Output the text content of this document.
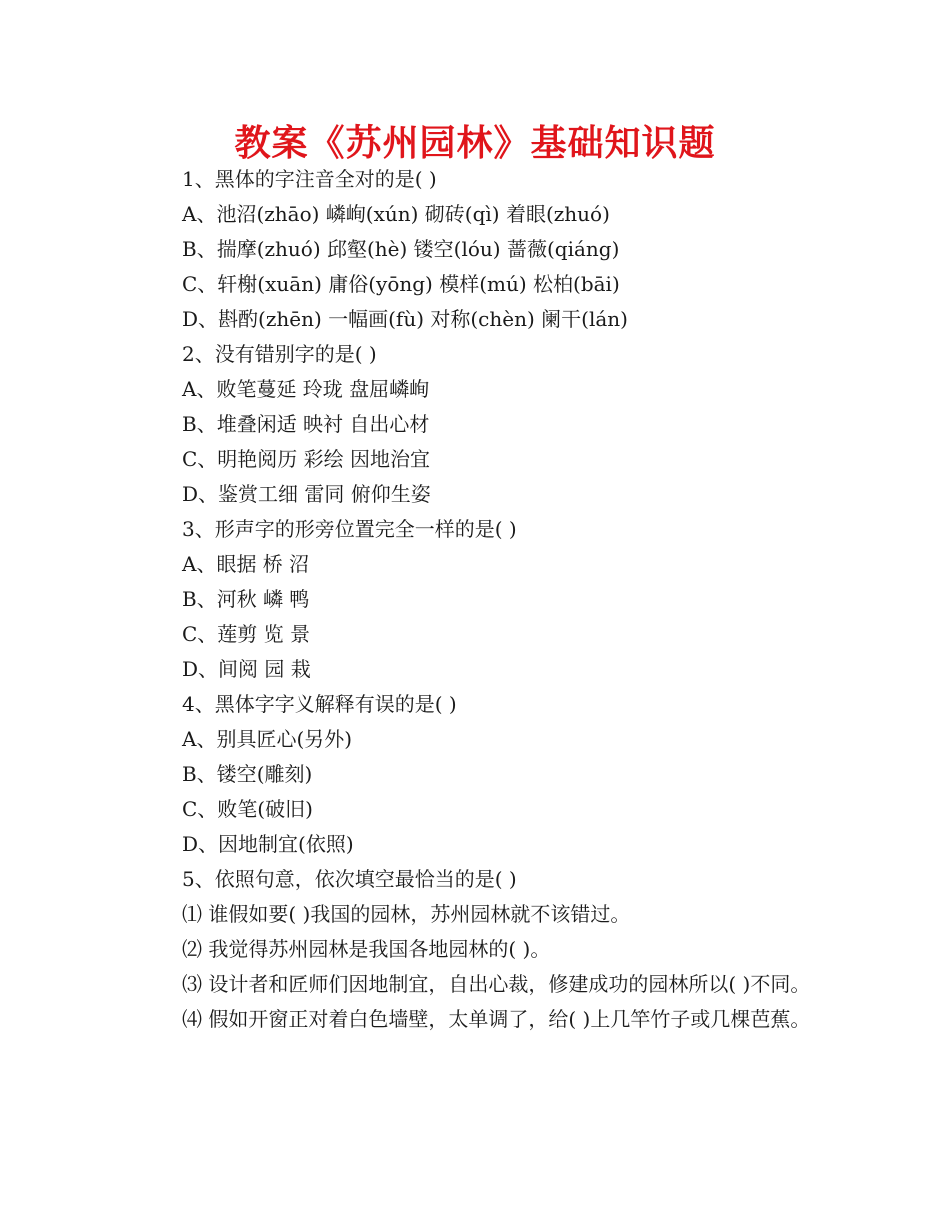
教案《苏州园林》基础知识题
1、黑体的字注音全对的是( )
A、池沼(zhāo) 嶙峋(xún) 砌砖(qì) 着眼(zhuó)
B、揣摩(zhuó) 邱壑(hè) 镂空(lóu) 蔷薇(qiáng)
C、轩榭(xuān) 庸俗(yōng) 模样(mú) 松柏(bāi)
D、斟酌(zhēn) 一幅画(fù) 对称(chèn) 阑干(lán)
2、没有错别字的是( )
A、败笔蔓延 玲珑 盘屈嶙峋
B、堆叠闲适 映衬 自出心材
C、明艳阅历 彩绘 因地治宜
D、鉴赏工细 雷同 俯仰生姿
3、形声字的形旁位置完全一样的是( )
A、眼据 桥 沼
B、河秋 嶙 鸭
C、莲剪 览 景
D、间阅 园 栽
4、黑体字字义解释有误的是( )
A、别具匠心(另外)
B、镂空(雕刻)
C、败笔(破旧)
D、因地制宜(依照)
5、依照句意，依次填空最恰当的是( )
⑴ 谁假如要( )我国的园林，苏州园林就不该错过。
⑵ 我觉得苏州园林是我国各地园林的( )。
⑶ 设计者和匠师们因地制宜，自出心裁，修建成功的园林所以( )不同。
⑷ 假如开窗正对着白色墙壁，太单调了，给( )上几竿竹子或几棵芭蕉。
